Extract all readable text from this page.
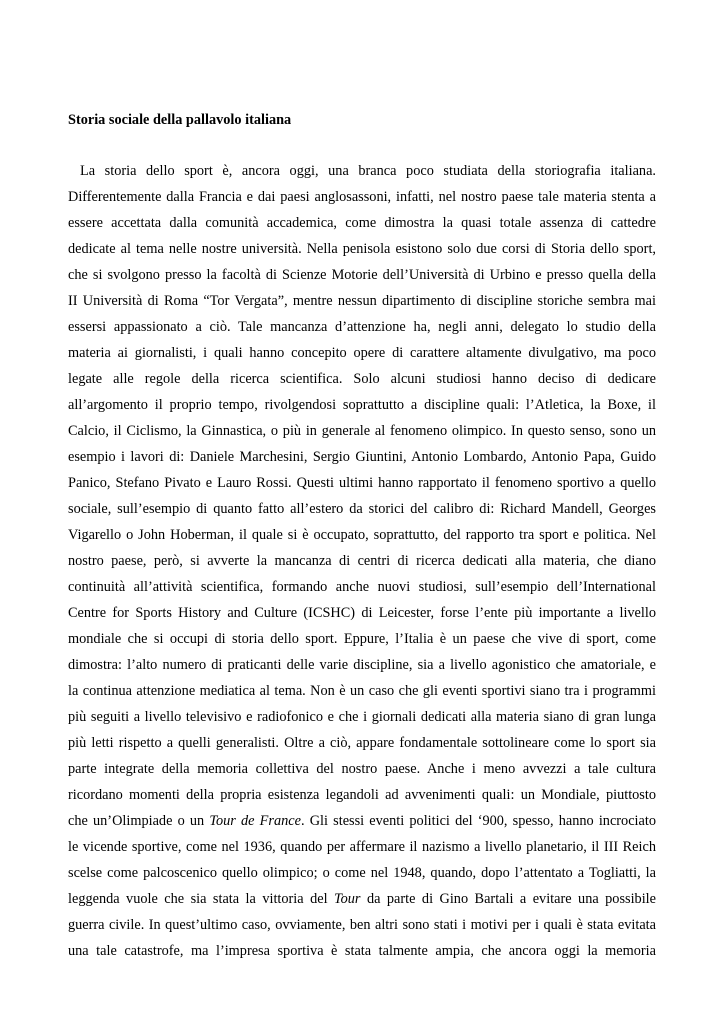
Storia sociale della pallavolo italiana
La storia dello sport è, ancora oggi, una branca poco studiata della storiografia italiana.
Differentemente dalla Francia e dai paesi anglosassoni, infatti, nel nostro paese tale materia stenta a
essere accettata dalla comunità accademica, come dimostra la quasi totale assenza di cattedre
dedicate al tema nelle nostre università. Nella penisola esistono solo due corsi di Storia dello sport,
che si svolgono presso la facoltà di Scienze Motorie dell’Università di Urbino e presso quella della
II Università di Roma “Tor Vergata”, mentre nessun dipartimento di discipline storiche sembra mai
essersi appassionato a ciò. Tale mancanza d’attenzione ha, negli anni, delegato lo studio della
materia ai giornalisti, i quali hanno concepito opere di carattere altamente divulgativo, ma poco
legate alle regole della ricerca scientifica. Solo alcuni studiosi hanno deciso di dedicare
all’argomento il proprio tempo, rivolgendosi soprattutto a discipline quali: l’Atletica, la Boxe, il
Calcio, il Ciclismo, la Ginnastica, o più in generale al fenomeno olimpico. In questo senso, sono un
esempio i lavori di: Daniele Marchesini, Sergio Giuntini, Antonio Lombardo, Antonio Papa, Guido
Panico, Stefano Pivato e Lauro Rossi. Questi ultimi hanno rapportato il fenomeno sportivo a quello
sociale, sull’esempio di quanto fatto all’estero da storici del calibro di: Richard Mandell, Georges
Vigarello o John Hoberman, il quale si è occupato, soprattutto, del rapporto tra sport e politica. Nel
nostro paese, però, si avverte la mancanza di centri di ricerca dedicati alla materia, che diano
continuità all’attività scientifica, formando anche nuovi studiosi, sull’esempio dell’International
Centre for Sports History and Culture (ICSHC) di Leicester, forse l’ente più importante a livello
mondiale che si occupi di storia dello sport. Eppure, l’Italia è un paese che vive di sport, come
dimostra: l’alto numero di praticanti delle varie discipline, sia a livello agonistico che amatoriale, e
la continua attenzione mediatica al tema. Non è un caso che gli eventi sportivi siano tra i programmi
più seguiti a livello televisivo e radiofonico e che i giornali dedicati alla materia siano di gran lunga
più letti rispetto a quelli generalisti. Oltre a ciò, appare fondamentale sottolineare come lo sport sia
parte integrate della memoria collettiva del nostro paese. Anche i meno avvezzi a tale cultura
ricordano momenti della propria esistenza legandoli ad avvenimenti quali: un Mondiale, piuttosto
che un’Olimpiade o un Tour de France. Gli stessi eventi politici del ‘900, spesso, hanno incrociato
le vicende sportive, come nel 1936, quando per affermare il nazismo a livello planetario, il III Reich
scelse come palcoscenico quello olimpico; o come nel 1948, quando, dopo l’attentato a Togliatti, la
leggenda vuole che sia stata la vittoria del Tour da parte di Gino Bartali a evitare una possibile
guerra civile. In quest’ultimo caso, ovviamente, ben altri sono stati i motivi per i quali è stata evitata
una tale catastrofe, ma l’impresa sportiva è stata talmente ampia, che ancora oggi la memoria
